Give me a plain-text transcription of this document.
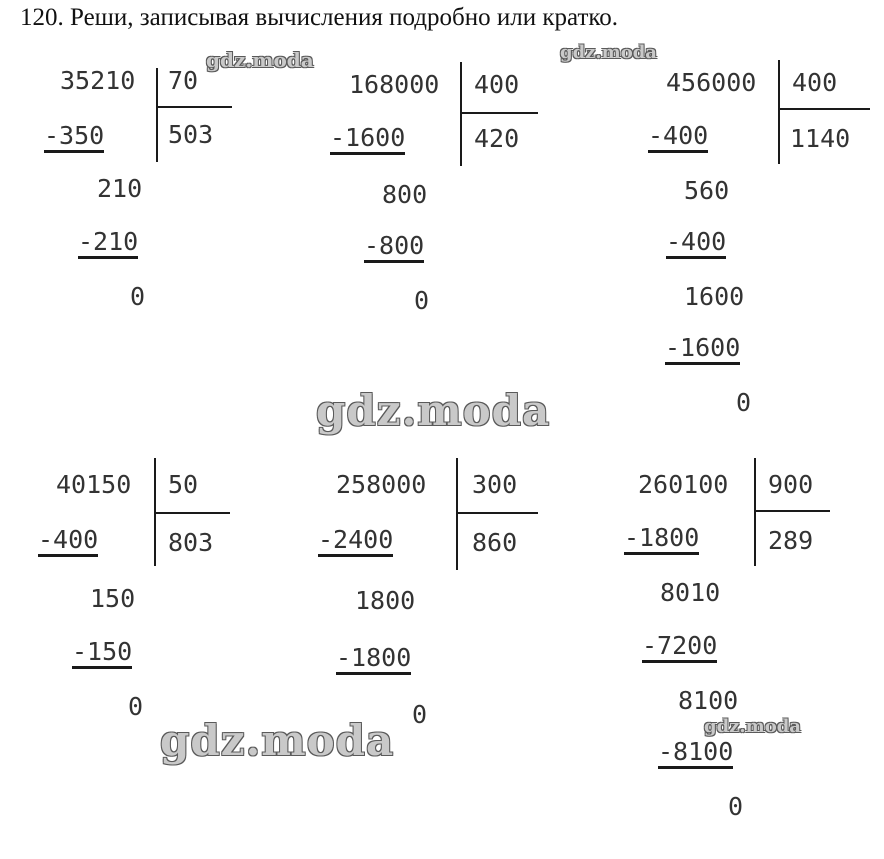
120. Реши, записывая вычисления подробно или кратко.
35210 70
503
-350
210
-210
0
168000 400
420
-1600
800
-800
0
456000 400
1140
-400
560
-400
1600
-1600
0
40150 50
803
-400
150
-150
0
258000 300
860
-2400
1800
-1800
0
260100 900
289
-1800
8010
-7200
8100
-8100
0
gdz.moda	gdz.moda
gdz.moda
gdz.moda	gdz.moda
